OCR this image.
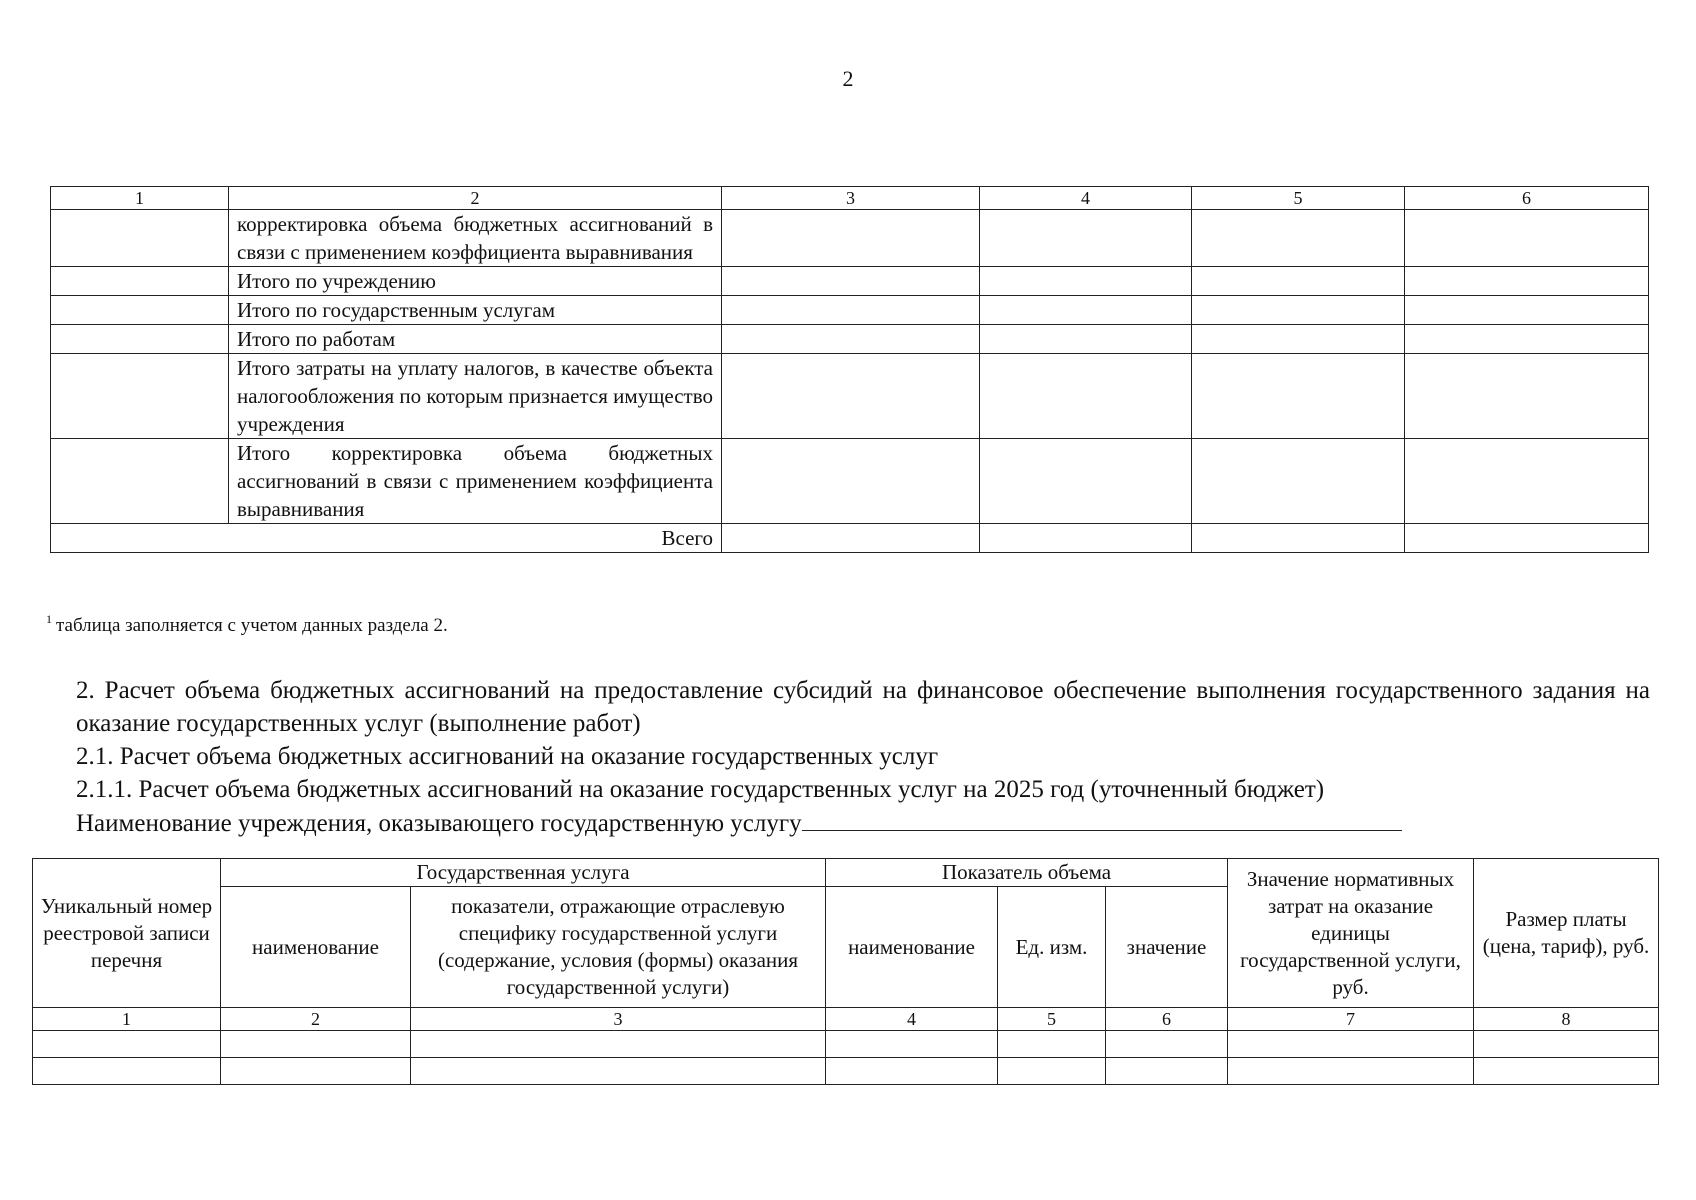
2
1	2	3	4	5	6
	корректировка объема бюджетных ассигнований в связи с применением коэффициента выравнивания				
	Итого по учреждению				
	Итого по государственным услугам				
	Итого по работам				
	Итого затраты на уплату налогов, в качестве объекта налогообложения по которым признается имущество учреждения				
	Итого корректировка объема бюджетных ассигнований в связи с применением коэффициента выравнивания				
Всего					
$^1$ таблица заполняется с учетом данных раздела 2.

2. Расчет объема бюджетных ассигнований на предоставление субсидий на финансовое обеспечение выполнения государственного задания на оказание государственных услуг (выполнение работ)

2.1. Расчет объема бюджетных ассигнований на оказание государственных услуг

2.1.1. Расчет объема бюджетных ассигнований на оказание государственных услуг на 2025 год (уточненный бюджет)

Наименование учреждения, оказывающего государственную услугу

Уникальный номер реестровой записи перечня	Государственная услуга		Показатель объема			Значение нормативных затрат на оказание единицы государственной услуги, руб.	Размер платы (цена, тариф), руб.
	наименование	показатели, отражающие отраслевую специфику государственной услуги (содержание, условия (формы) оказания государственной услуги)	наименование	Ед. изм.	значение		
1	2	3	4	5	6	7	8
